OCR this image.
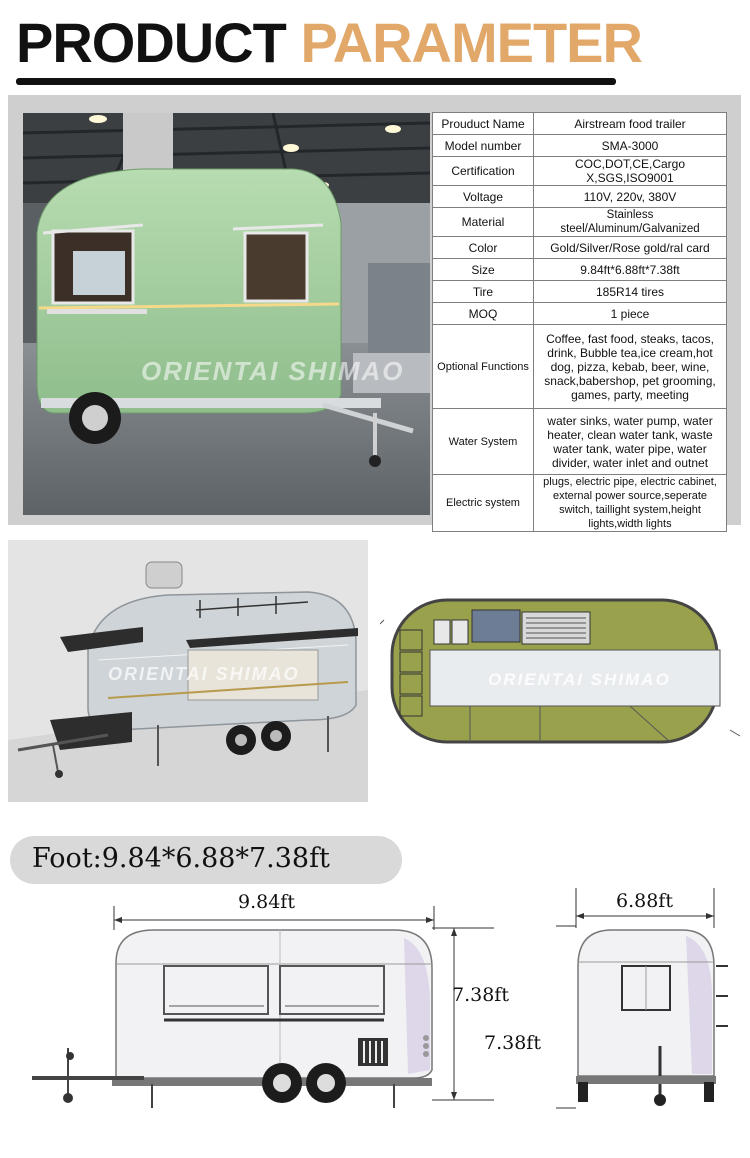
PRODUCT PARAMETER
ORIENTAI SHIMAO
Prouduct Name	Airstream food trailer
Model number	SMA-3000
Certification	COC,DOT,CE,Cargo X,SGS,ISO9001
Voltage	110V, 220v, 380V
Material	Stainless steel/Aluminum/Galvanized
Color	Gold/Silver/Rose gold/ral card
Size	9.84ft*6.88ft*7.38ft
Tire	185R14 tires
MOQ	1 piece
Optional Functions	Coffee, fast food, steaks, tacos, drink, Bubble tea,ice cream,hot dog, pizza, kebab, beer, wine, snack,babershop, pet grooming, games, party, meeting
Water System	water sinks, water pump, water heater, clean water tank, waste water tank, water pipe, water divider, water inlet and outnet
Electric system	plugs, electric pipe, electric cabinet, external power source,seperate switch, taillight system,height lights,width lights
ORIENTAI SHIMAO	ORIENTAI SHIMAO
Foot:9.84*6.88*7.38ft
9.84ft
7.38ft
6.88ft
7.38ft
